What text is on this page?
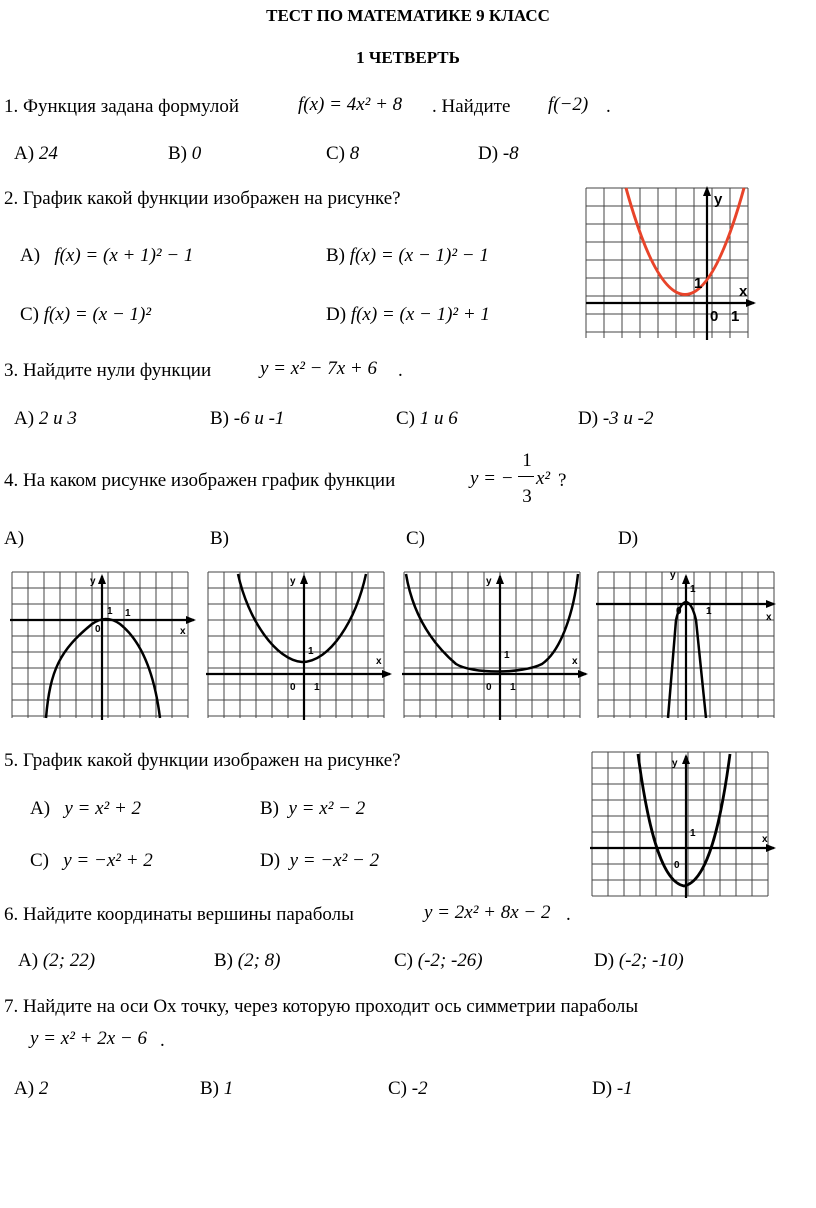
ТЕСТ ПО МАТЕМАТИКЕ 9 КЛАСС
1 ЧЕТВЕРТЬ
1. Функция задана формулой	f(x) = 4x² + 8 . Найдите f(−2) .
A) 24	B) 0	C) 8	D) -8
2. График какой функции изображен на рисунке?
A) f(x) = (x + 1)² − 1	B) f(x) = (x − 1)² − 1
C) f(x) = (x − 1)²	D) f(x) = (x − 1)² + 1
y
x
1
0 1
3. Найдите нули функции	y = x² − 7x + 6 .
A) 2 и 3	B) -6 и -1	C) 1 и 6	D) -3 и -2
4. На каком рисунке изображен график функции	y = −
1
3
x² ?
A)	B)	C)	D)
y
x
0
1 1
y
x
0
1
1
y
x
0
1
1
y
x
0
1
1
5. График какой функции изображен на рисунке?
A) y = x² + 2	B) y = x² − 2
C) y = −x² + 2	D) y = −x² − 2
y
x
1
0
6. Найдите координаты вершины параболы	y = 2x² + 8x − 2 .
A) (2; 22)	B) (2; 8)	C) (-2; -26)	D) (-2; -10)
7. Найдите на оси Ох точку, через которую проходит ось симметрии параболы
y = x² + 2x − 6 .
A) 2	B) 1	C) -2	D) -1
